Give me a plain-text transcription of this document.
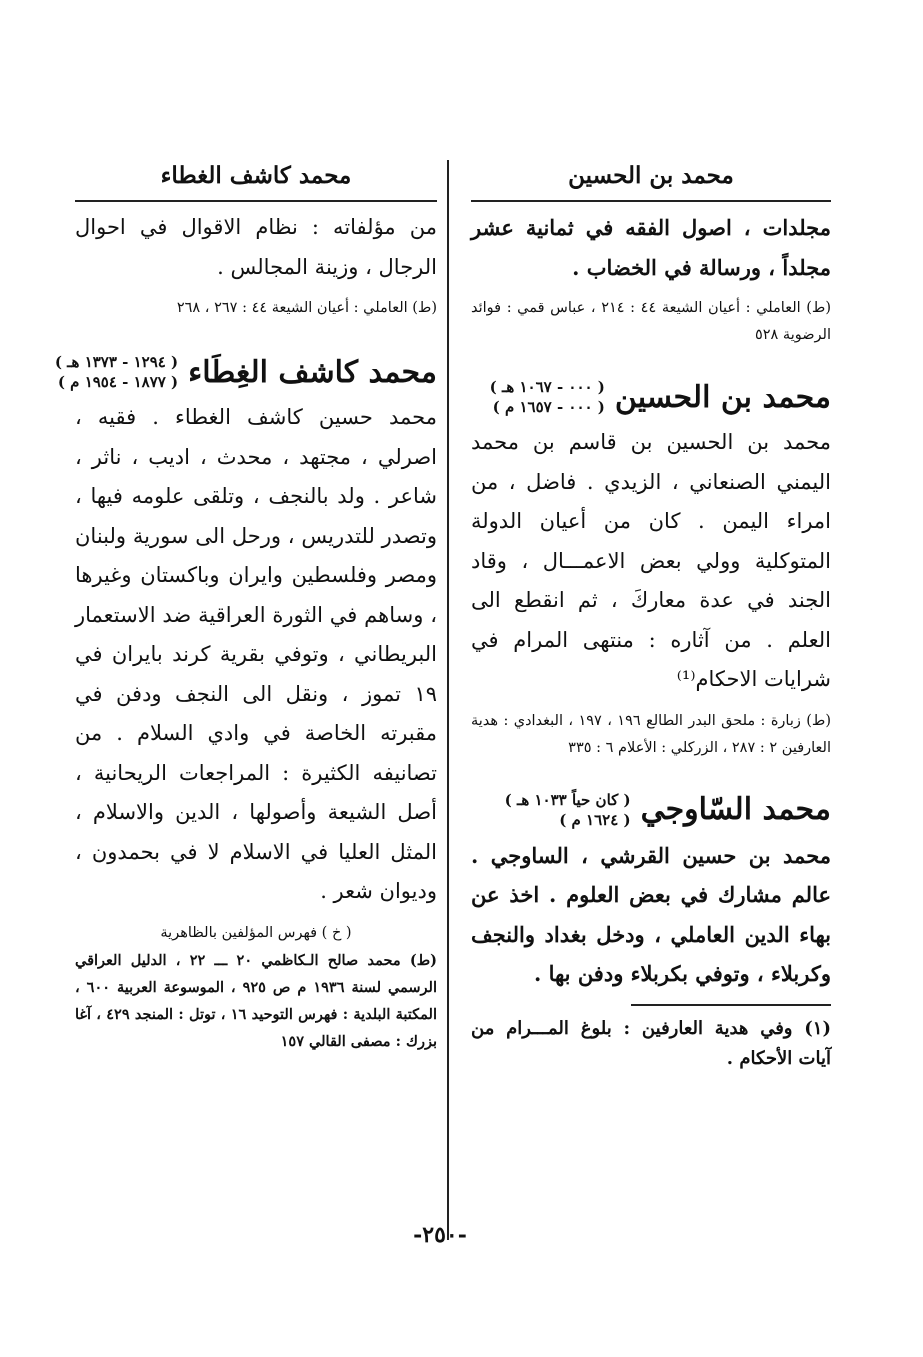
محمد بن الحسين
محمد كاشف الغطاء

مجلدات ، اصول الفقه في ثمانية عشر مجلداً ، ورسالة في الخضاب .

(ط) العاملي : أعيان الشيعة ٤٤ : ٢١٤ ، عباس قمي : فوائد الرضوية ٥٢٨

محمد بن الحسين
( ٠٠٠ - ١٠٦٧ هـ )
( ٠٠٠ - ١٦٥٧ م )

محمد بن الحسين بن قاسم بن محمد اليمني الصنعاني ، الزيدي . فاضل ، من امراء اليمن . كان من أعيان الدولة المتوكلية وولي بعض الاعمـــال ، وقاد الجند في عدة معاركَ ، ثم انقطع الى العلم . من آثاره : منتهى المرام في شرايات الاحكام⁽¹⁾

(ط) زبارة : ملحق البدر الطالع ١٩٦ ، ١٩٧ ، البغدادي : هدية العارفين ٢ : ٢٨٧ ، الزركلي : الأعلام ٦ : ٣٣٥

محمد السّاوجي
( كان حياً ١٠٣٣ هـ )
( ١٦٢٤ م )

محمد بن حسين القرشي ، الساوجي . عالم مشارك في بعض العلوم . اخذ عن بهاء الدين العاملي ، ودخل بغداد والنجف وكربلاء ، وتوفي بكربلاء ودفن بها .

(١) وفي هدية العارفين : بلوغ المـــرام من آيات الأحكام .

من مؤلفاته : نظام الاقوال في احوال الرجال ، وزينة المجالس .

(ط) العاملي : أعيان الشيعة ٤٤ : ٢٦٧ ، ٢٦٨

محمد كاشف الغِطَاء
( ١٢٩٤ - ١٣٧٣ هـ )
( ١٨٧٧ - ١٩٥٤ م )

محمد حسين كاشف الغطاء . فقيه ، اصرلي ، مجتهد ، محدث ، اديب ، ناثر ، شاعر . ولد بالنجف ، وتلقى علومه فيها ، وتصدر للتدريس ، ورحل الى سورية ولبنان ومصر وفلسطين وايران وباكستان وغيرها ، وساهم في الثورة العراقية ضد الاستعمار البريطاني ، وتوفي بقرية كرند بايران في ١٩ تموز ، ونقل الى النجف ودفن في مقبرته الخاصة في وادي السلام . من تصانيفه الكثيرة : المراجعات الريحانية ، أصل الشيعة وأصولها ، الدين والاسلام ، المثل العليا في الاسلام لا في بحمدون ، وديوان شعر .

( خ ) فهرس المؤلفين بالظاهرية

(ط) محمد صالح الـكاظمي ٢٠ ـــ ٢٢ ، الدليل العراقي الرسمي لسنة ١٩٣٦ م ص ٩٢٥ ، الموسوعة العربية ٦٠٠ ، المكتبة البلدية : فهرس التوحيد ١٦ ، توتل : المنجد ٤٢٩ ، آغا بزرك : مصفى القالي ١٥٧

-٢٥٠-
